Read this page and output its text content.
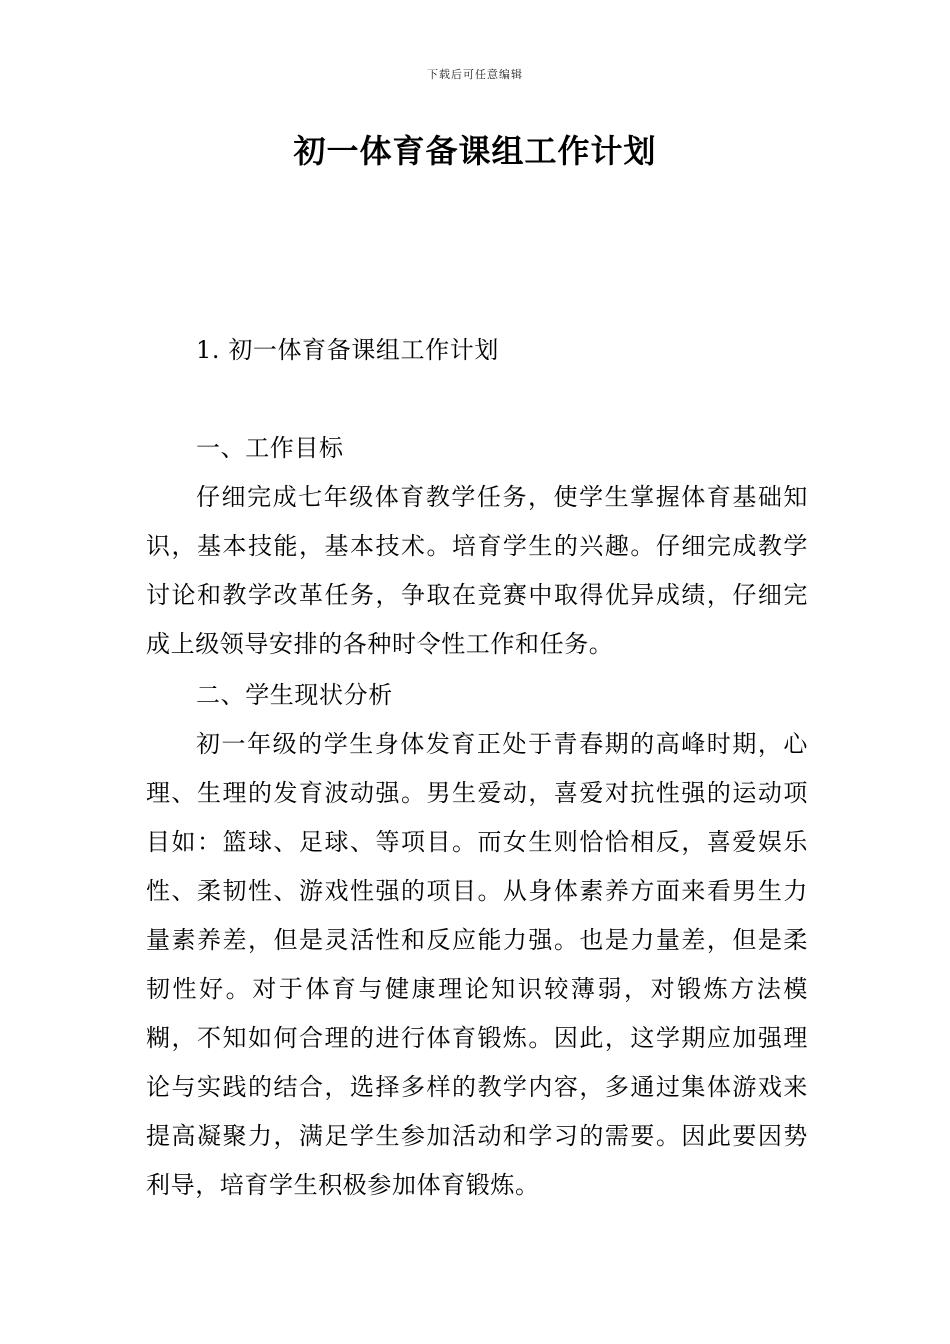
下载后可任意编辑
初一体育备课组工作计划

1. 初一体育备课组工作计划

一、工作目标

仔细完成七年级体育教学任务，使学生掌握体育基础知识，基本技能，基本技术。培育学生的兴趣。仔细完成教学讨论和教学改革任务，争取在竞赛中取得优异成绩，仔细完成上级领导安排的各种时令性工作和任务。

二、学生现状分析

初一年级的学生身体发育正处于青春期的高峰时期，心理、生理的发育波动强。男生爱动，喜爱对抗性强的运动项目如：篮球、足球、等项目。而女生则恰恰相反，喜爱娱乐性、柔韧性、游戏性强的项目。从身体素养方面来看男生力量素养差，但是灵活性和反应能力强。也是力量差，但是柔韧性好。对于体育与健康理论知识较薄弱，对锻炼方法模糊，不知如何合理的进行体育锻炼。因此，这学期应加强理论与实践的结合，选择多样的教学内容，多通过集体游戏来提高凝聚力，满足学生参加活动和学习的需要。因此要因势利导，培育学生积极参加体育锻炼。
